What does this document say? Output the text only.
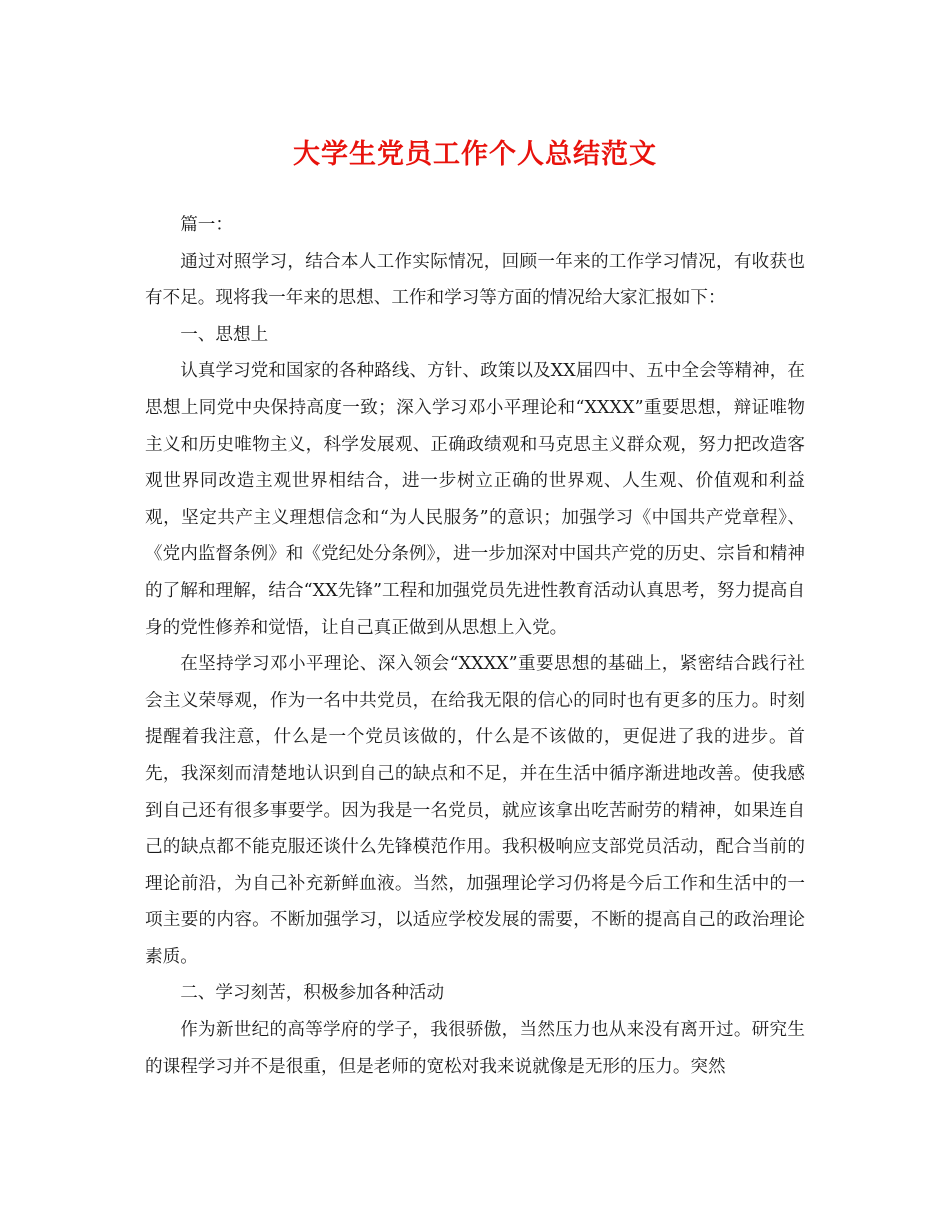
大学生党员工作个人总结范文

篇一：

通过对照学习，结合本人工作实际情况，回顾一年来的工作学习情况，有收获也有不足。现将我一年来的思想、工作和学习等方面的情况给大家汇报如下：

一、思想上

认真学习党和国家的各种路线、方针、政策以及XX届四中、五中全会等精神，在思想上同党中央保持高度一致；深入学习邓小平理论和“XXXX”重要思想，辩证唯物主义和历史唯物主义，科学发展观、正确政绩观和马克思主义群众观，努力把改造客观世界同改造主观世界相结合，进一步树立正确的世界观、人生观、价值观和利益观，坚定共产主义理想信念和“为人民服务”的意识；加强学习《中国共产党章程》、《党内监督条例》和《党纪处分条例》，进一步加深对中国共产党的历史、宗旨和精神的了解和理解，结合“XX先锋”工程和加强党员先进性教育活动认真思考，努力提高自身的党性修养和觉悟，让自己真正做到从思想上入党。

在坚持学习邓小平理论、深入领会“XXXX”重要思想的基础上，紧密结合践行社会主义荣辱观，作为一名中共党员，在给我无限的信心的同时也有更多的压力。时刻提醒着我注意，什么是一个党员该做的，什么是不该做的，更促进了我的进步。首先，我深刻而清楚地认识到自己的缺点和不足，并在生活中循序渐进地改善。使我感到自己还有很多事要学。因为我是一名党员，就应该拿出吃苦耐劳的精神，如果连自己的缺点都不能克服还谈什么先锋模范作用。我积极响应支部党员活动，配合当前的理论前沿，为自己补充新鲜血液。当然，加强理论学习仍将是今后工作和生活中的一项主要的内容。不断加强学习，以适应学校发展的需要，不断的提高自己的政治理论素质。

二、学习刻苦，积极参加各种活动

作为新世纪的高等学府的学子，我很骄傲，当然压力也从来没有离开过。研究生的课程学习并不是很重，但是老师的宽松对我来说就像是无形的压力。突然
